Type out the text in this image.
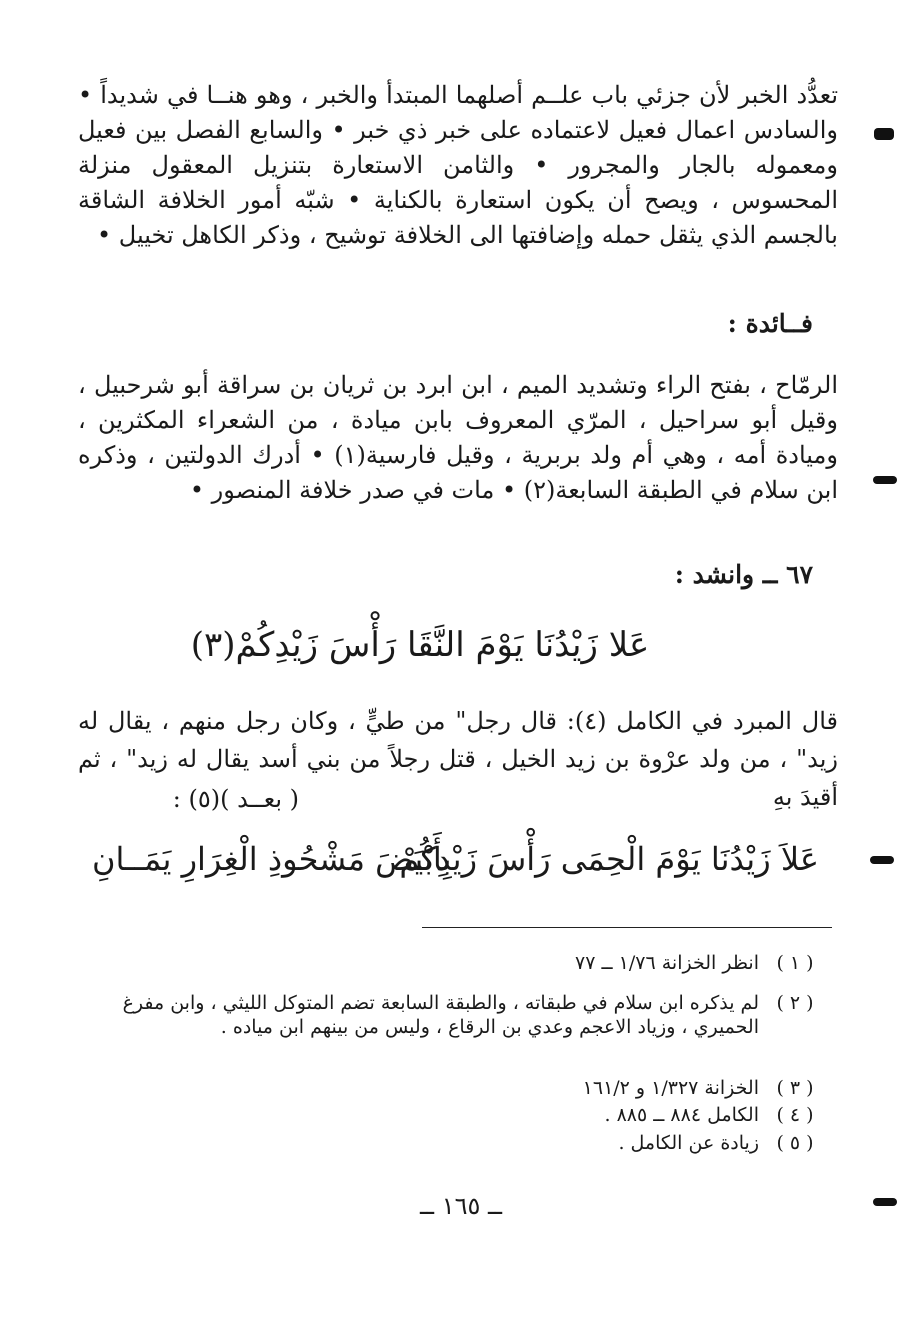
تعدُّد الخبر لأن جزئي باب علــم أصلهما المبتدأ والخبر ، وهو هنــا في شديداً • والسادس اعمال فعيل لاعتماده على خبر ذي خبر • والسابع الفصل بين فعيل ومعموله بالجار والمجرور • والثامن الاستعارة بتنزيل المعقول منزلة المحسوس ، ويصح أن يكون استعارة بالكناية • شبّه أمور الخلافة الشاقة بالجسم الذي يثقل حمله وإضافتها الى الخلافة توشيح ، وذكر الكاهل تخييل •
فــائدة :
الرمّاح ، بفتح الراء وتشديد الميم ، ابن ابرد بن ثريان بن سراقة أبو شرحبيل ، وقيل أبو سراحيل ، المرّي المعروف بابن ميادة ، من الشعراء المكثرين ، وميادة أمه ، وهي أم ولد بربرية ، وقيل فارسية(١) • أدرك الدولتين ، وذكره ابن سلام في الطبقة السابعة(٢) • مات في صدر خلافة المنصور •
٦٧ ــ وانشد :
عَلا زَيْدُنَا يَوْمَ النَّقَا رَأْسَ زَيْدِكُمْ(٣)
قال المبرد في الكامل (٤): قال رجل" من طيٍّ ، وكان رجل منهم ، يقال له زيد" ، من ولد عرْوة بن زيد الخيل ، قتل رجلاً من بني أسد يقال له زيد" ، ثم أقيدَ بهِ
( بعــد )(٥) :
عَلاَ زَيْدُنَا يَوْمَ الْحِمَى رَأْسَ زَيْدِكُمْ
بِأَبْيَضَ مَشْحُوذِ الْغِرَارِ يَمَــانِ
( ١ )
انظر الخزانة ١/٧٦ ــ ٧٧
( ٢ )
لم يذكره ابن سلام في طبقاته ، والطبقة السابعة تضم المتوكل الليثي ، وابن مفرغ الحميري ، وزياد الاعجم وعدي بن الرقاع ، وليس من بينهم ابن مياده .
( ٣ )
الخزانة ١/٣٢٧ و ١٦١/٢
( ٤ )
الكامل ٨٨٤ ــ ٨٨٥ .
( ٥ )
زيادة عن الكامل .
ــ ١٦٥ ــ
